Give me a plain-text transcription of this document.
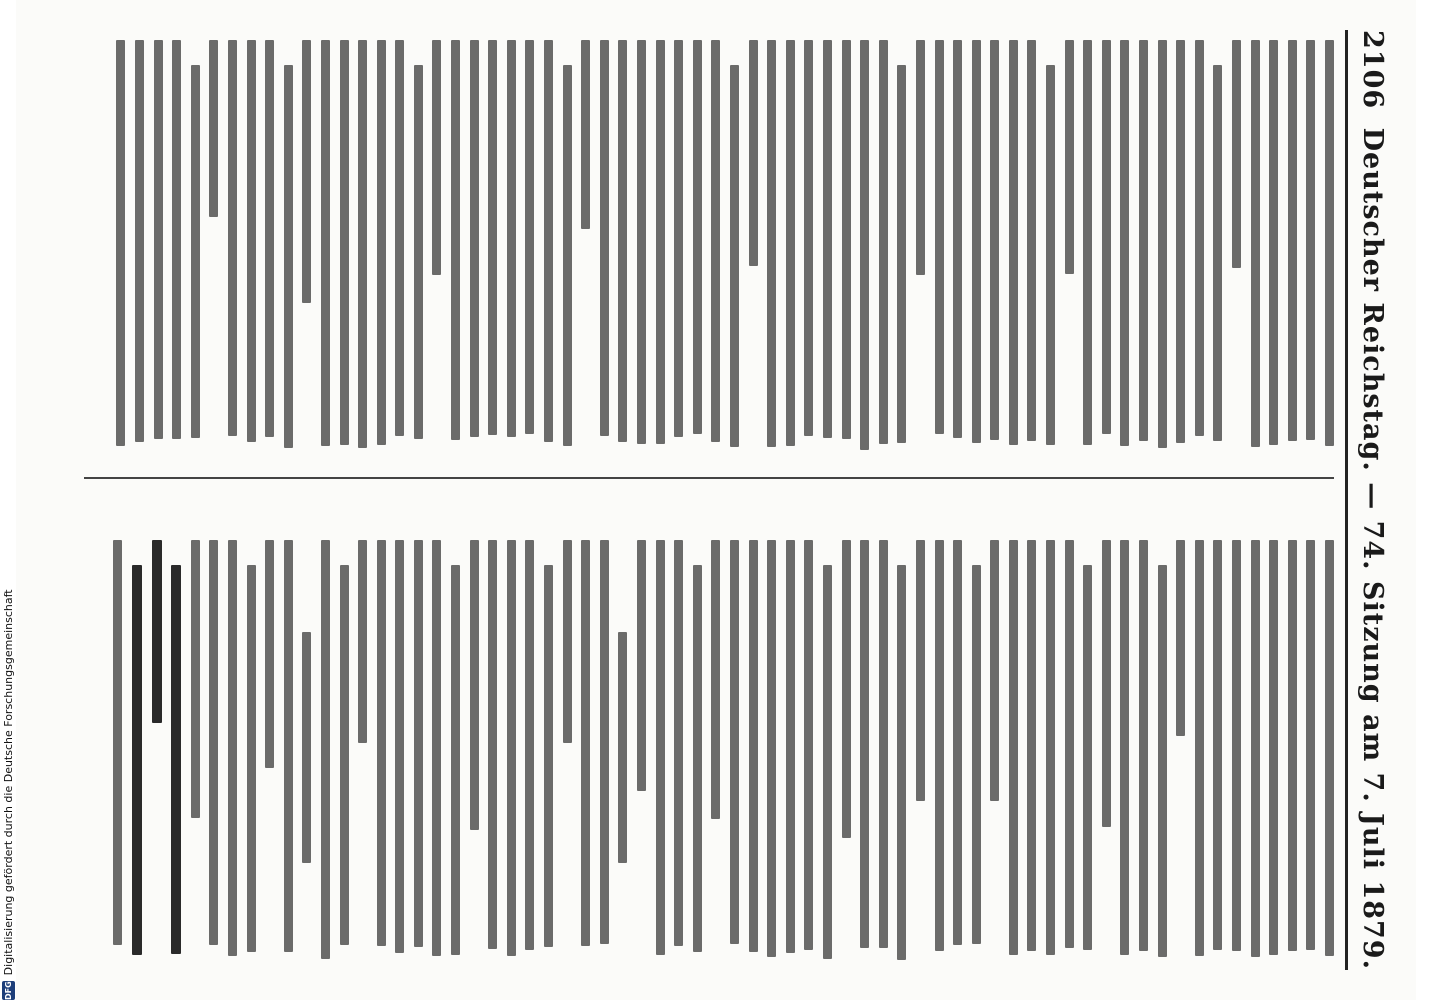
2106
Deutscher Reichstag. — 74. Sitzung am 7. Juli 1879.
DFG
Digitalisierung gefördert durch die Deutsche Forschungsgemeinschaft
